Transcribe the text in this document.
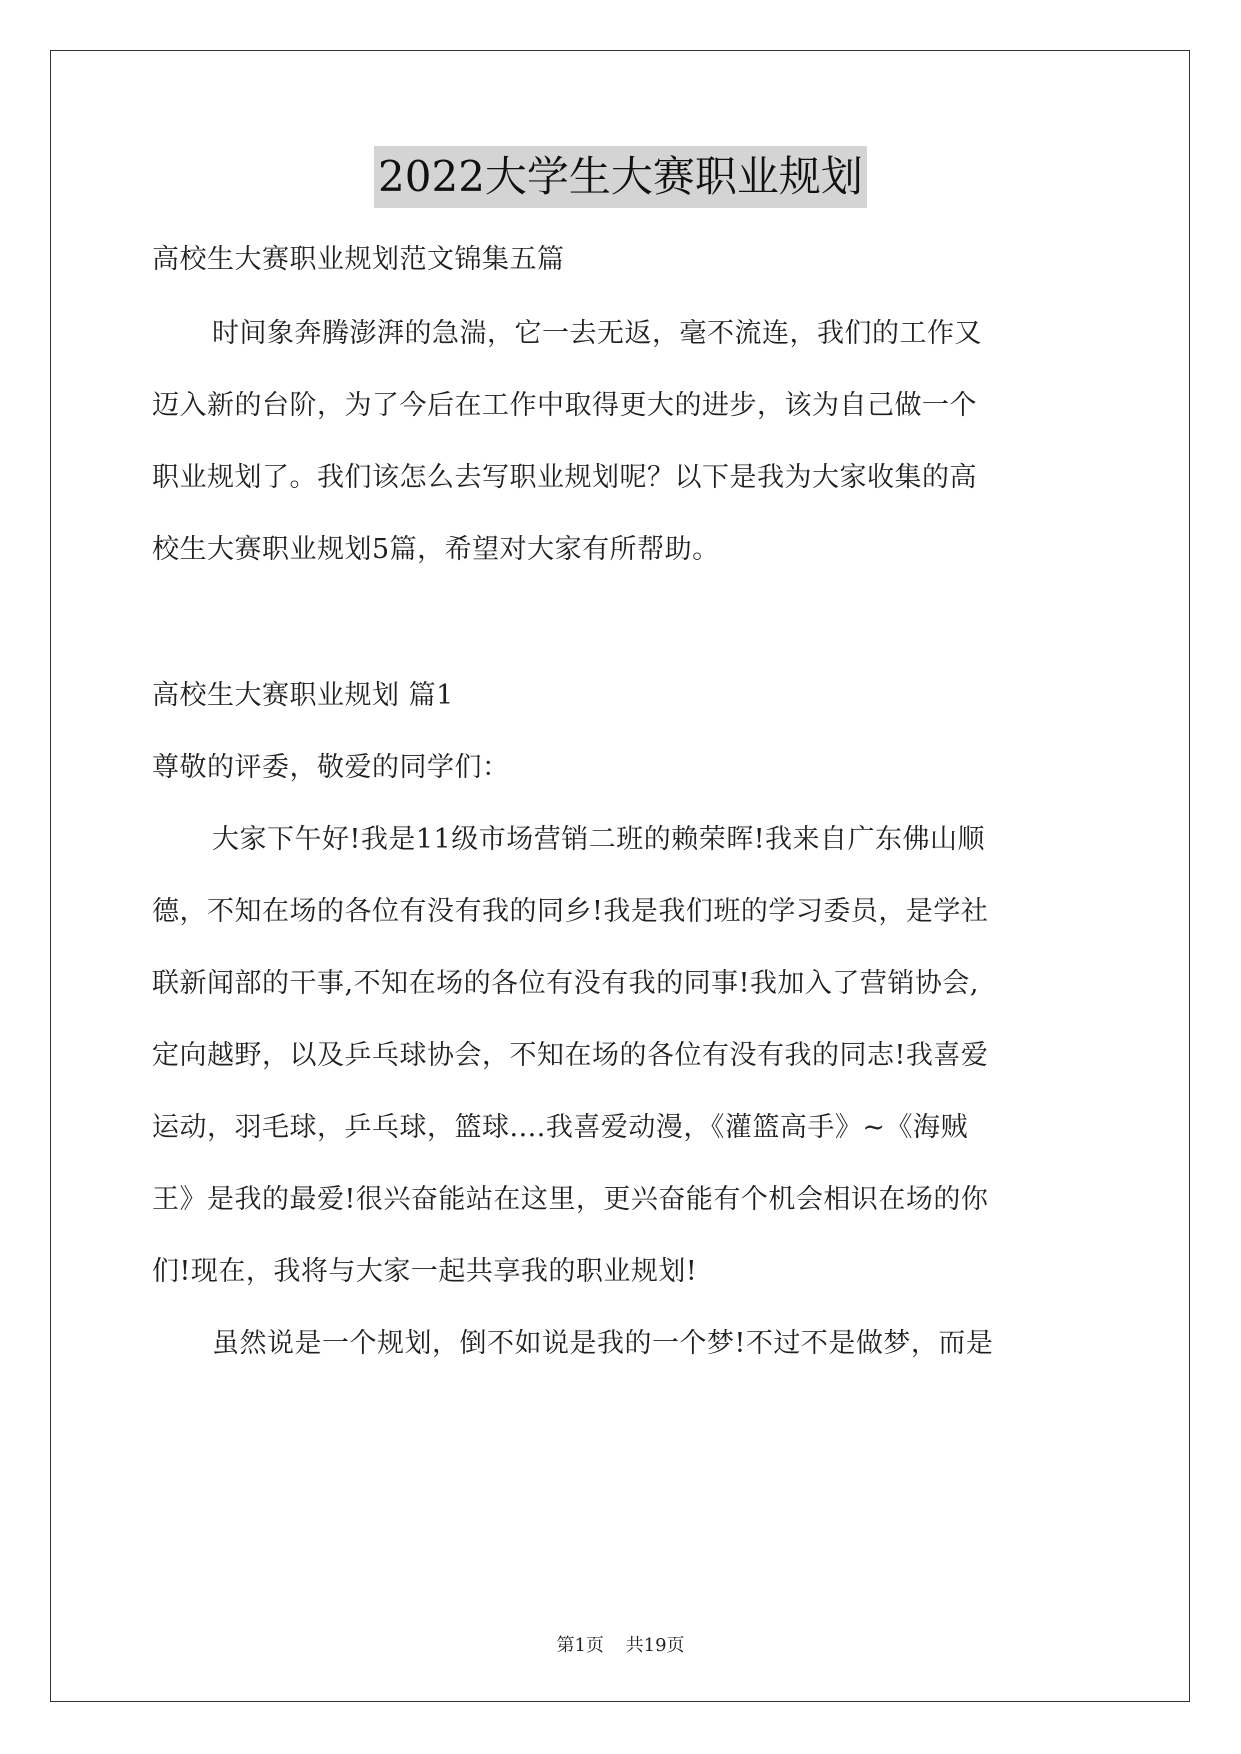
2022大学生大赛职业规划
高校生大赛职业规划范文锦集五篇
时间象奔腾澎湃的急湍，它一去无返，毫不流连，我们的工作又
迈入新的台阶，为了今后在工作中取得更大的进步，该为自己做一个
职业规划了。我们该怎么去写职业规划呢？以下是我为大家收集的高
校生大赛职业规划5篇，希望对大家有所帮助。
高校生大赛职业规划 篇1
尊敬的评委，敬爱的同学们：
大家下午好!我是11级市场营销二班的赖荣晖!我来自广东佛山顺
德，不知在场的各位有没有我的同乡!我是我们班的学习委员，是学社
联新闻部的干事,不知在场的各位有没有我的同事!我加入了营销协会,
定向越野，以及乒乓球协会，不知在场的各位有没有我的同志!我喜爱
运动，羽毛球，乒乓球，篮球....我喜爱动漫，《灌篮高手》~《海贼
王》是我的最爱!很兴奋能站在这里，更兴奋能有个机会相识在场的你
们!现在，我将与大家一起共享我的职业规划!
虽然说是一个规划，倒不如说是我的一个梦!不过不是做梦，而是
第1页 共19页
